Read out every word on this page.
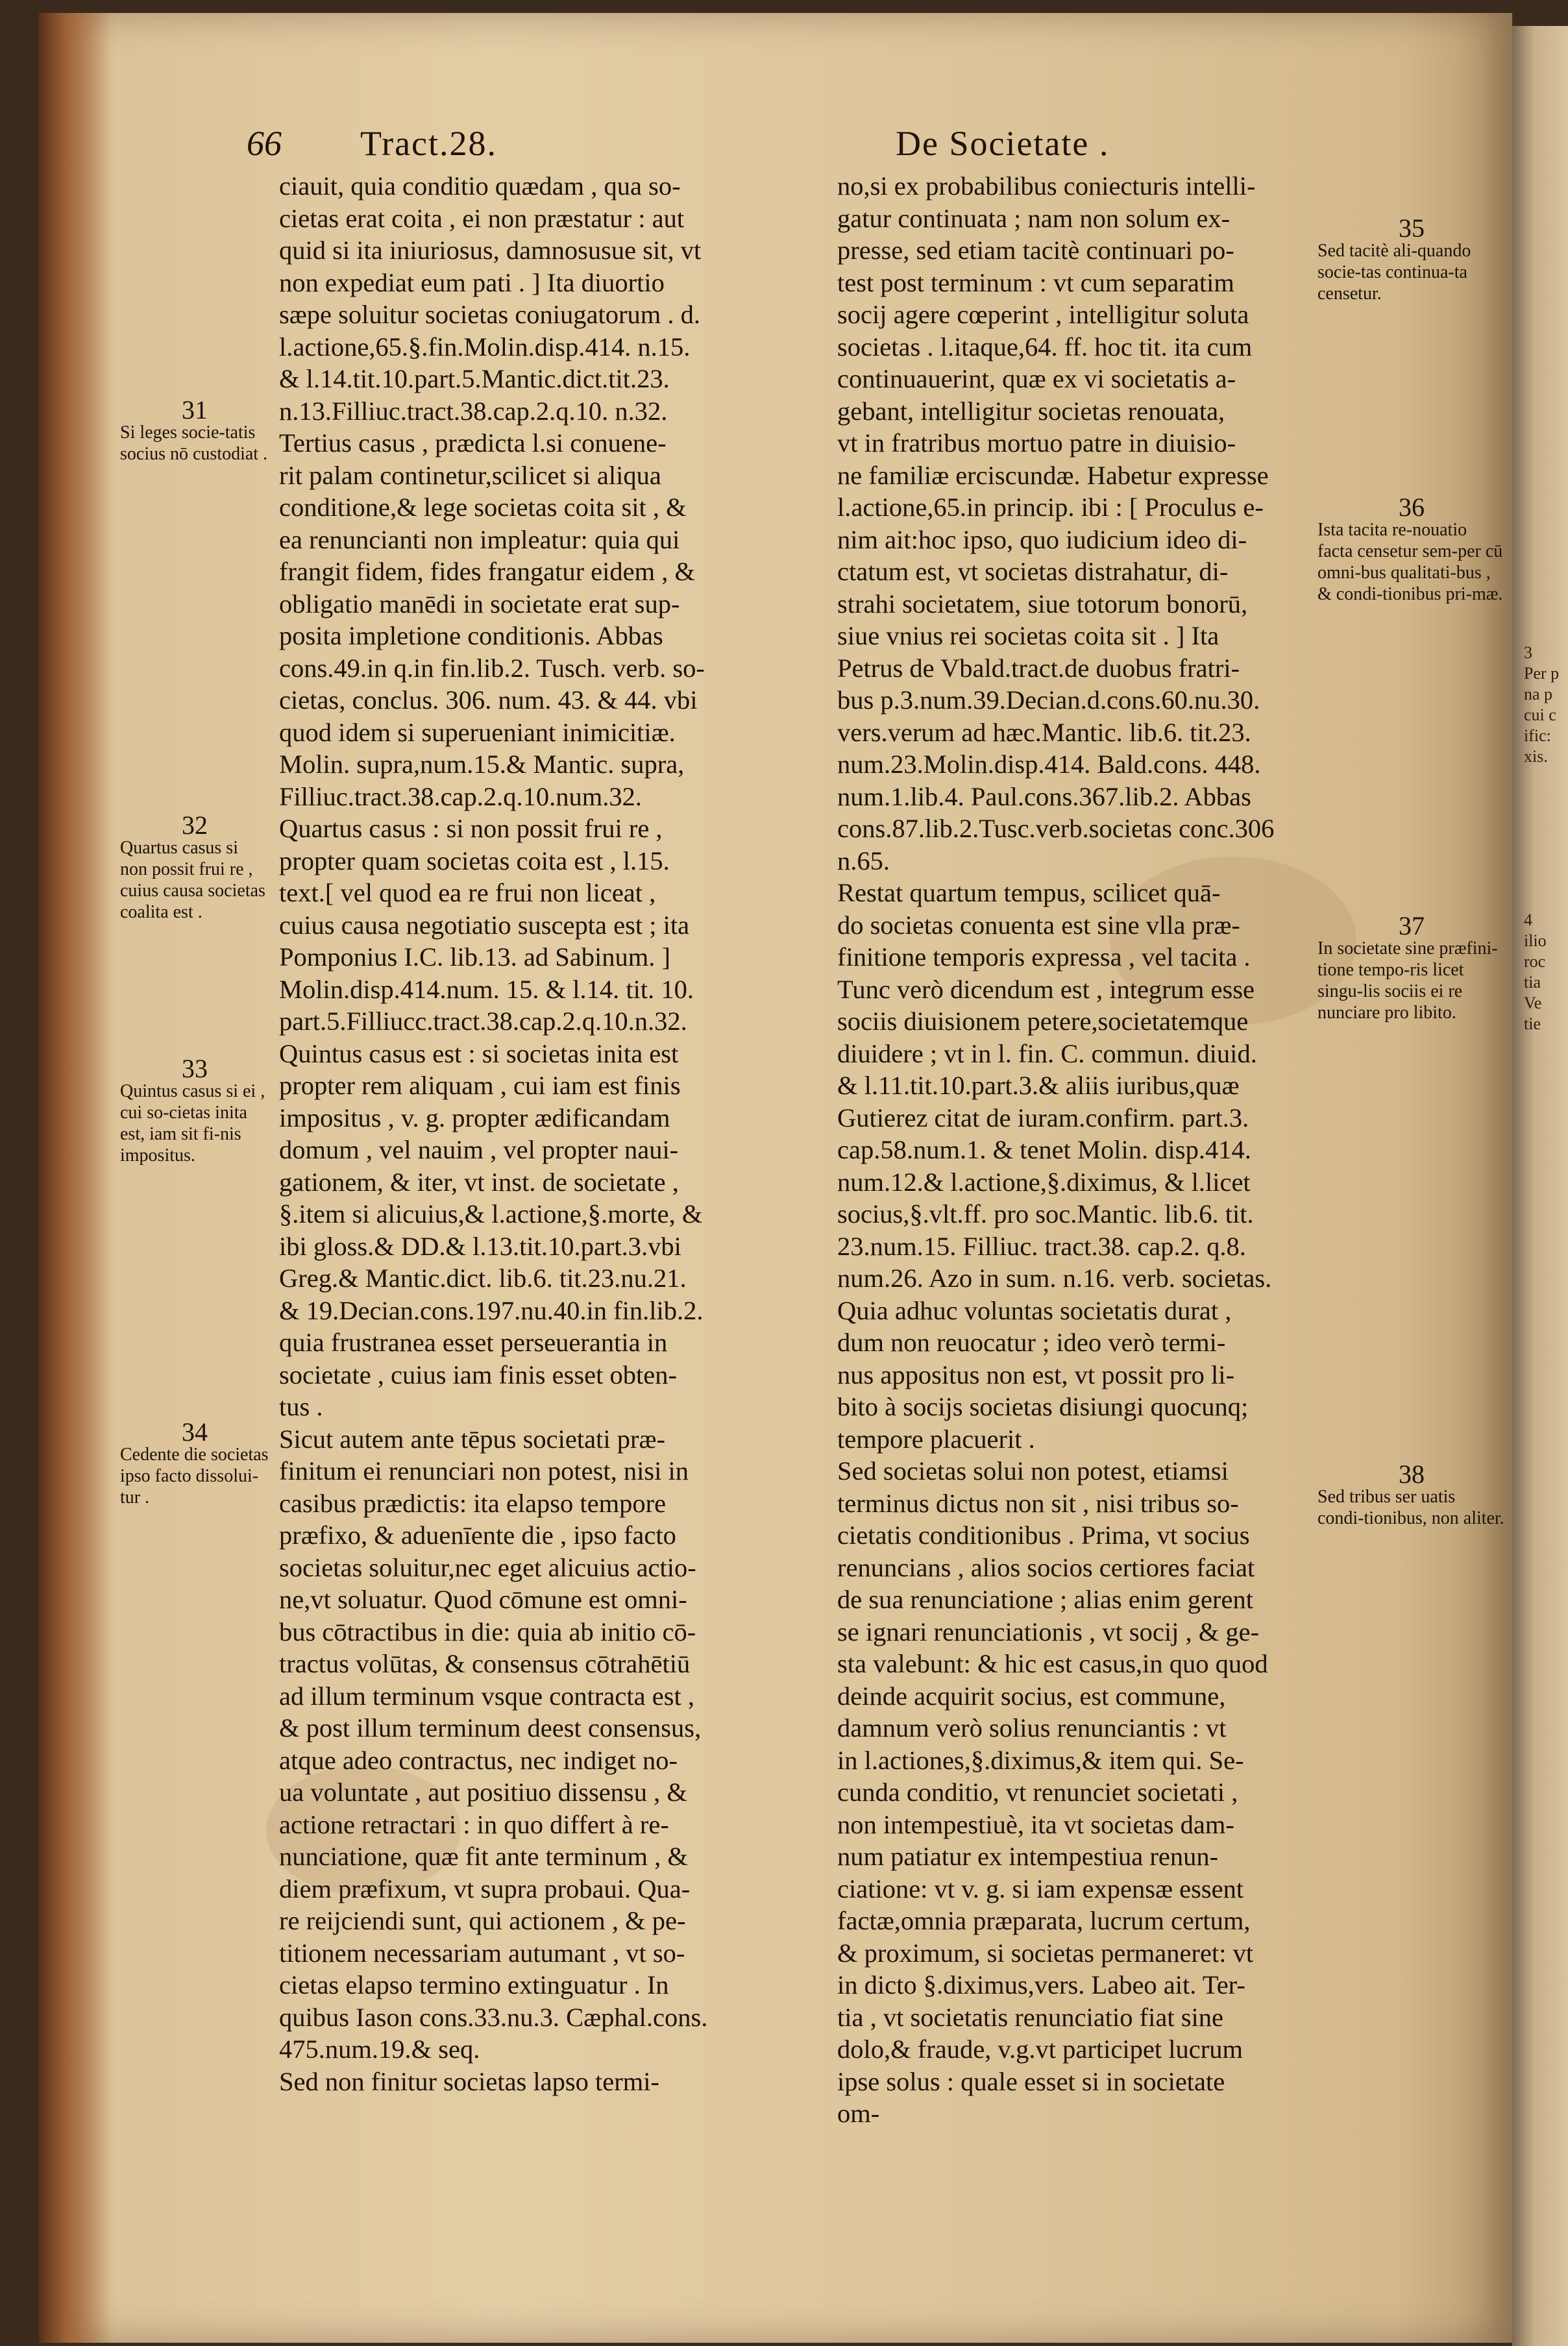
3
Per p
na p
cui c
ific:
xis.
4
ilio
roc
tia
Ve
tie
66 Tract.28.	De Societate .
ciauit, quia conditio quædam , qua so-
cietas erat coita , ei non præstatur : aut
quid si ita iniuriosus, damnosusue sit, vt
non expediat eum pati . ] Ita diuortio
sæpe soluitur societas coniugatorum . d.
l.actione,65.§.fin.Molin.disp.414. n.15.
& l.14.tit.10.part.5.Mantic.dict.tit.23.
n.13.Filliuc.tract.38.cap.2.q.10. n.32.
Tertius casus , prædicta l.si conuene-
rit palam continetur,scilicet si aliqua
conditione,& lege societas coita sit , &
ea renuncianti non impleatur: quia qui
frangit fidem, fides frangatur eidem , &
obligatio manēdi in societate erat sup-
posita impletione conditionis. Abbas
cons.49.in q.in fin.lib.2. Tusch. verb. so-
cietas, conclus. 306. num. 43. & 44. vbi
quod idem si superueniant inimicitiæ.
Molin. supra,num.15.& Mantic. supra,
Filliuc.tract.38.cap.2.q.10.num.32.
Quartus casus : si non possit frui re ,
propter quam societas coita est , l.15.
text.[ vel quod ea re frui non liceat ,
cuius causa negotiatio suscepta est ; ita
Pomponius I.C. lib.13. ad Sabinum. ]
Molin.disp.414.num. 15. & l.14. tit. 10.
part.5.Filliucc.tract.38.cap.2.q.10.n.32.
Quintus casus est : si societas inita est
propter rem aliquam , cui iam est finis
impositus , v. g. propter ædificandam
domum , vel nauim , vel propter naui-
gationem, & iter, vt inst. de societate ,
§.item si alicuius,& l.actione,§.morte, &
ibi gloss.& DD.& l.13.tit.10.part.3.vbi
Greg.& Mantic.dict. lib.6. tit.23.nu.21.
& 19.Decian.cons.197.nu.40.in fin.lib.2.
quia frustranea esset perseuerantia in
societate , cuius iam finis esset obten-
tus .
Sicut autem ante tēpus societati præ-
finitum ei renunciari non potest, nisi in
casibus prædictis: ita elapso tempore
præfixo, & aduenīente die , ipso facto
societas soluitur,nec eget alicuius actio-
ne,vt soluatur. Quod cōmune est omni-
bus cōtractibus in die: quia ab initio cō-
tractus volūtas, & consensus cōtrahētiū
ad illum terminum vsque contracta est ,
& post illum terminum deest consensus,
atque adeo contractus, nec indiget no-
ua voluntate , aut positiuo dissensu , &
actione retractari : in quo differt à re-
nunciatione, quæ fit ante terminum , &
diem præfixum, vt supra probaui. Qua-
re reijciendi sunt, qui actionem , & pe-
titionem necessariam autumant , vt so-
cietas elapso termino extinguatur . In
quibus Iason cons.33.nu.3. Cæphal.cons.
475.num.19.& seq.
Sed non finitur societas lapso termi-
no,si ex probabilibus coniecturis intelli-
gatur continuata ; nam non solum ex-
presse, sed etiam tacitè continuari po-
test post terminum : vt cum separatim
socij agere cœperint , intelligitur soluta
societas . l.itaque,64. ff. hoc tit. ita cum
continuauerint, quæ ex vi societatis a-
gebant, intelligitur societas renouata,
vt in fratribus mortuo patre in diuisio-
ne familiæ erciscundæ. Habetur expresse
l.actione,65.in princip. ibi : [ Proculus e-
nim ait:hoc ipso, quo iudicium ideo di-
ctatum est, vt societas distrahatur, di-
strahi societatem, siue totorum bonorū,
siue vnius rei societas coita sit . ] Ita
Petrus de Vbald.tract.de duobus fratri-
bus p.3.num.39.Decian.d.cons.60.nu.30.
vers.verum ad hæc.Mantic. lib.6. tit.23.
num.23.Molin.disp.414. Bald.cons. 448.
num.1.lib.4. Paul.cons.367.lib.2. Abbas
cons.87.lib.2.Tusc.verb.societas conc.306
n.65.
Restat quartum tempus, scilicet quā-
do societas conuenta est sine vlla præ-
finitione temporis expressa , vel tacita .
Tunc verò dicendum est , integrum esse
sociis diuisionem petere,societatemque
diuidere ; vt in l. fin. C. commun. diuid.
& l.11.tit.10.part.3.& aliis iuribus,quæ
Gutierez citat de iuram.confirm. part.3.
cap.58.num.1. & tenet Molin. disp.414.
num.12.& l.actione,§.diximus, & l.licet
socius,§.vlt.ff. pro soc.Mantic. lib.6. tit.
23.num.15. Filliuc. tract.38. cap.2. q.8.
num.26. Azo in sum. n.16. verb. societas.
Quia adhuc voluntas societatis durat ,
dum non reuocatur ; ideo verò termi-
nus appositus non est, vt possit pro li-
bito à socijs societas disiungi quocunq;
tempore placuerit .
Sed societas solui non potest, etiamsi
terminus dictus non sit , nisi tribus so-
cietatis conditionibus . Prima, vt socius
renuncians , alios socios certiores faciat
de sua renunciatione ; alias enim gerent
se ignari renunciationis , vt socij , & ge-
sta valebunt: & hic est casus,in quo quod
deinde acquirit socius, est commune,
damnum verò solius renunciantis : vt
in l.actiones,§.diximus,& item qui. Se-
cunda conditio, vt renunciet societati ,
non intempestiuè, ita vt societas dam-
num patiatur ex intempestiua renun-
ciatione: vt v. g. si iam expensæ essent
factæ,omnia præparata, lucrum certum,
& proximum, si societas permaneret: vt
in dicto §.diximus,vers. Labeo ait. Ter-
tia , vt societatis renunciatio fiat sine
dolo,& fraude, v.g.vt participet lucrum
ipse solus : quale esset si in societate
om-
31
Si leges socie-tatis socius nō custodiat .
32
Quartus casus si non possit frui re , cuius causa societas coalita est .
33
Quintus casus si ei , cui so-cietas inita est, iam sit fi-nis impositus.
34
Cedente die societas ipso facto dissolui-tur .
35
Sed tacitè ali-quando socie-tas continua-ta censetur.
36
Ista tacita re-nouatio facta censetur sem-per cū omni-bus qualitati-bus , & condi-tionibus pri-mæ.
37
In societate sine præfini-tione tempo-ris licet singu-lis sociis ei re nunciare pro libito.
38
Sed tribus ser uatis condi-tionibus, non aliter.
